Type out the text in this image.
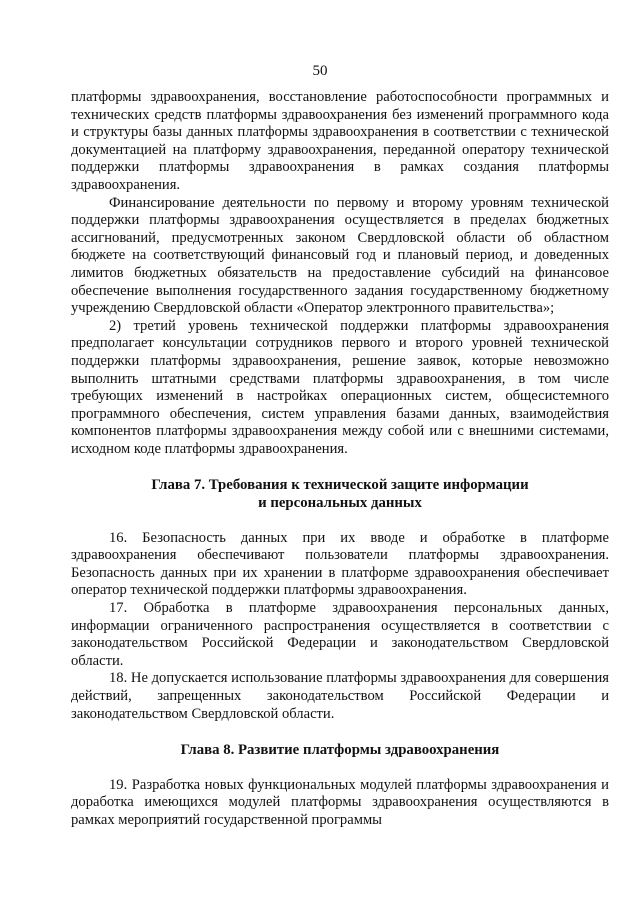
50

платформы здравоохранения, восстановление работоспособности программных и технических средств платформы здравоохранения без изменений программного кода и структуры базы данных платформы здравоохранения в соответствии с технической документацией на платформу здравоохранения, переданной оператору технической поддержки платформы здравоохранения в рамках создания платформы здравоохранения.

Финансирование деятельности по первому и второму уровням технической поддержки платформы здравоохранения осуществляется в пределах бюджетных ассигнований, предусмотренных законом Свердловской области об областном бюджете на соответствующий финансовый год и плановый период, и доведенных лимитов бюджетных обязательств на предоставление субсидий на финансовое обеспечение выполнения государственного задания государственному бюджетному учреждению Свердловской области «Оператор электронного правительства»;

2) третий уровень технической поддержки платформы здравоохранения предполагает консультации сотрудников первого и второго уровней технической поддержки платформы здравоохранения, решение заявок, которые невозможно выполнить штатными средствами платформы здравоохранения, в том числе требующих изменений в настройках операционных систем, общесистемного программного обеспечения, систем управления базами данных, взаимодействия компонентов платформы здравоохранения между собой или с внешними системами, исходном коде платформы здравоохранения.

Глава 7. Требования к технической защите информации
и персональных данных

16. Безопасность данных при их вводе и обработке в платформе здравоохранения обеспечивают пользователи платформы здравоохранения. Безопасность данных при их хранении в платформе здравоохранения обеспечивает оператор технической поддержки платформы здравоохранения.

17. Обработка в платформе здравоохранения персональных данных, информации ограниченного распространения осуществляется в соответствии с законодательством Российской Федерации и законодательством Свердловской области.

18. Не допускается использование платформы здравоохранения для совершения действий, запрещенных законодательством Российской Федерации и законодательством Свердловской области.

Глава 8. Развитие платформы здравоохранения

19. Разработка новых функциональных модулей платформы здравоохранения и доработка имеющихся модулей платформы здравоохранения осуществляются в рамках мероприятий государственной программы
